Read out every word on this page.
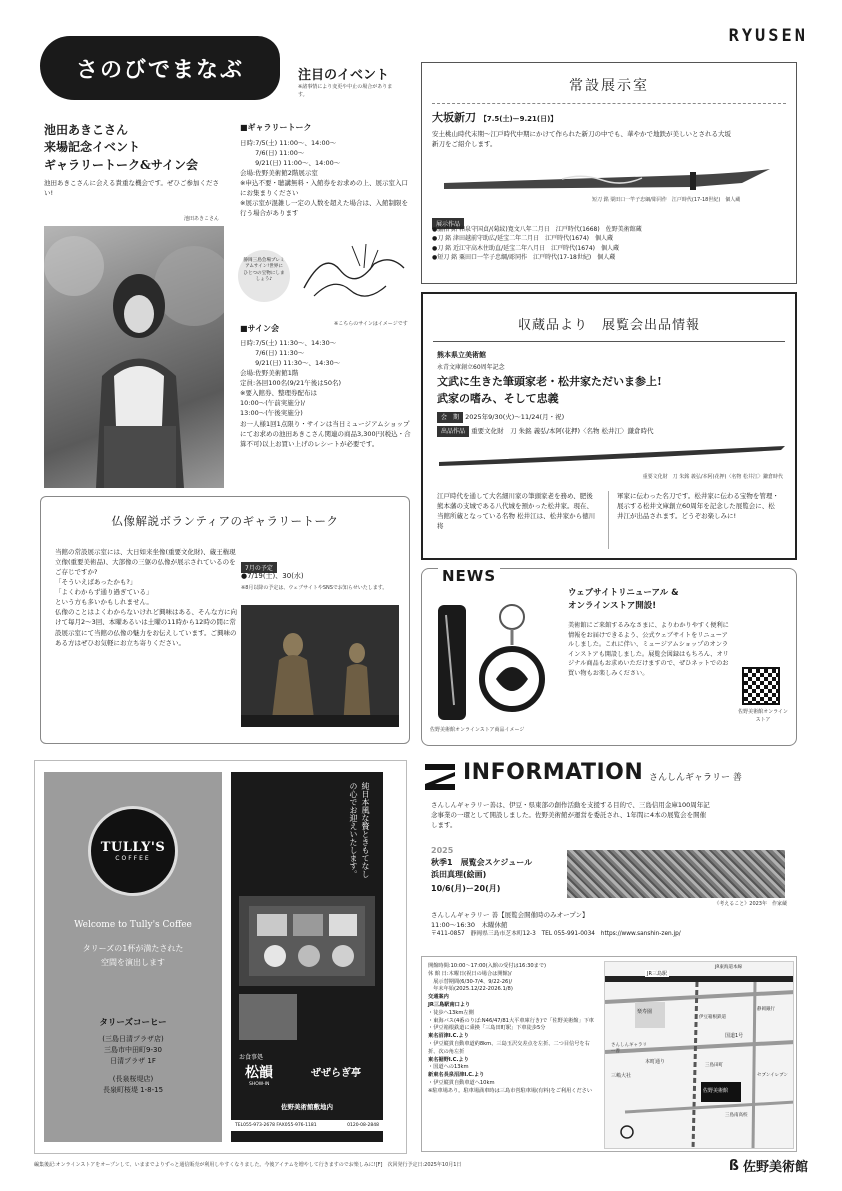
RYUSEN
さのびでまなぶ	注目のイベント
※諸事情により変更や中止の場合があります。
池田あきこさん
来場記念イベント
ギャラリートーク&サイン会
池田あきこさんに会える貴重な機会です。ぜひご参加ください!
池田あきこさん
■ギャラリートーク
日時:7/5(土) 11:00〜、14:00〜
　　 7/6(日) 11:00〜
　　 9/21(日) 11:00〜、14:00〜
会場:佐野美術館2階展示室
※申込不要・聴講無料・入館券をお求めの上、展示室入口にお集まりください
※展示室が混雑し一定の人数を超えた場合は、入館制限を行う場合があります
静岡三島会場プレミアムサイン!世界にひとつの宝物にしましょう♪
※こちらのサインはイメージです
■サイン会
日時:7/5(土) 11:30〜、14:30〜
　　 7/6(日) 11:30〜
　　 9/21(日) 11:30〜、14:30〜
会場:佐野美術館1階
定員:各回100名(9/21午後は50名)
※要入館券、整理券配布は
10:00〜(午前実施分)/
13:00〜(午後実施分)
お一人様1回1点限り・サインは当日ミュージアムショップにてお求めの池田あきこさん関連の商品3,300円(税込・合算不可)以上お買い上げのレシートが必要です。
常設展示室
大坂新刀 【7.5(土)ー9.21(日)】
安土桃山時代末期〜江戸時代中期にかけて作られた新刀の中でも、華やかで地鉄が美しいとされる大坂新刀をご紹介します。
短刀 銘 粟田口一竿子忠綱/彫同作　江戸時代(17-18世紀)　個人蔵
展示作品
●脇指 銘 和泉守国貞/(菊紋)寛文八年二月日　江戸時代(1668)　佐野美術館蔵
●刀 銘 津田越前守助広/延宝二年二月日　江戸時代(1674)　個人蔵
●刀 銘 近江守高木住助直/延宝二年八月日　江戸時代(1674)　個人蔵
●短刀 銘 粟田口一竿子忠綱/彫同作　江戸時代(17-18世紀)　個人蔵
収蔵品より　展覧会出品情報
熊本県立美術館
永青文庫創立60周年記念
文武に生きた筆頭家老・松井家ただいま参上!
武家の嗜み、そして忠義
会　期 2025年9/30(火)〜11/24(月・祝)
出品作品 重要文化財　刀 朱銘 義弘/本阿(花押)〈名物 松井江〉鎌倉時代
重要文化財　刀 朱銘 義弘/本阿(花押)〈名物 松井江〉鎌倉時代
江戸時代を通して大名細川家の筆頭家老を務め、肥後熊本藩の支城である八代城を預かった松井家。現在、当館所蔵となっている名物 松井江は、松井家から徳川将
軍家に伝わった名刀です。松井家に伝わる宝物を管理・展示する松井文庫創立60周年を記念した展覧会に、松井江が出品されます。どうぞお楽しみに!
仏像解説ボランティアのギャラリートーク
当館の常設展示室には、大日如来坐像(重要文化財)、蔵王権現立像(重要美術品)、大部像の三躯の仏像が展示されているのをご存じですか?
「そういえばあったかも?」
「よくわからず通り過ぎている」
という方も多いかもしれません。
仏像のことはよくわからないけれど興味はある、そんな方に向けて毎月2〜3回、本曜あるいは土曜の11時から12時の間に常設展示室にて当館の仏像の魅力をお伝えしています。ご興味のある方はぜひお気軽にお立ち寄りください。
7月の予定
●7/19(土)、30(水)
※8月以降の予定は、ウェブサイトやSNSでお知らせいたします。
NEWS
佐野美術館オンラインストア商品イメージ
ウェブサイトリニューアル &
オンラインストア開設!
美術館にご来館するみなさまに、よりわかりやすく便利に情報をお届けできるよう、公式ウェブサイトをリニューアルしました。これに伴い、ミュージアムショップのオンラインストアも開設しました。展覧会図録はもちろん、オリジナル商品もお求めいただけますので、ぜひネットでのお買い物もお楽しみください。
佐野美術館オンラインストア
TULLY'S
COFFEE
Welcome to Tully's Coffee
タリーズの1杯が満たされた
空間を演出します
タリーズコーヒー
(三島日清プラザ店)
三島市中田町9-30
日清プラザ 1F
(長泉桜堤店)
長泉町桜堤 1-8-15
純日本風な贅ときもてなしの心でお迎えいたします。
お食事処
松韻
SHOW-IN
ぜぜらぎ亭
佐野美術館敷地内
TEL055-973-2678 FAX055-976-1181	0120-08-2848
INFORMATION さんしんギャラリー 善
さんしんギャラリー善は、伊豆・県東部の創作活動を支援する目的で、三島信用金庫100周年記念事業の一環として開設しました。佐野美術館が運営を委託され、1年間に4本の展覧会を開催します。
2025
秋季1　展覧会スケジュール
浜田真理(絵画)
10/6(月)ー20(月)
《考えること》2023年　作家蔵
さんしんギャラリー 善【展覧会開催時のみオープン】
11:00〜16:30　木曜休館
〒411-0857　静岡県三島市芝本町12-3　TEL 055-991-0034　https://www.sanshin-zen.jp/
開館時間:10:00〜17:00(入館の受付は16:30まで)
休 館 日:木曜日(祝日の場合は開館)/
　展示替期間(6/30-7/4、9/22-26)/
　年末年始(2025.12/22-2026.1/8)
交通案内
JR三島駅南口より
・徒歩へ13km左側
・東海バス(4番のりば:N46/47/81大平車庫行き)で「佐野美術館」下車
・伊豆箱根鉄道に乗換「三島田町駅」下車徒歩5分
東名沼津I.C.より
・伊豆縦貫自動車道約8km、三島玉沢交差点を左折、二つ目信号を右折、次の角左折
東名裾野I.C.より
・国道への13km
新東名長泉沼津I.C.より
・伊豆縦貫自動車道へ10km
※駐車場あり。駐車場満車時は三島市営駐車場(有料)をご利用ください
JR三島駅
JR東海道本線
伊豆箱根鉄道
楽寿園
国道1号
本町通り
三嶋大社
佐野美術館
さんしんギャラリー善
三島田町
静岡銀行
三島南高校
セブンイレブン
編集後記:オンラインストアをオープンして、いままでよりずっと通信販売が利用しやすくなりました。今後アイテムを増やして行きますのでお楽しみに![F]　次回発行予定日:2025年10月1日	ß 佐野美術館
